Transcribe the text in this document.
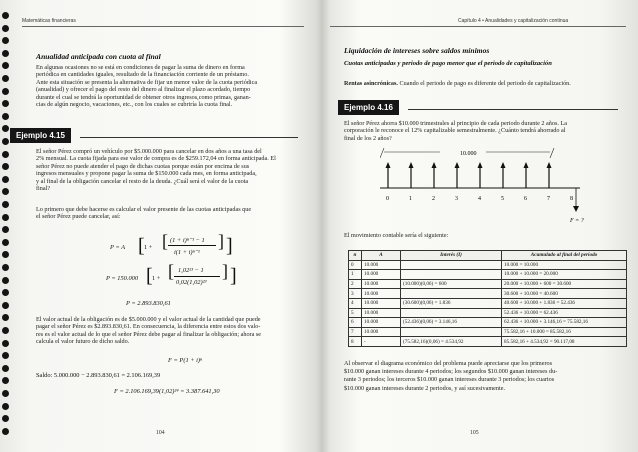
Matemáticas financieras
Anualidad anticipada con cuota al final
En algunas ocasiones no se está en condiciones de pagar la suma de dinero en forma
periódica en cantidades iguales, resultado de la financiación corriente de un préstamo.
Ante esta situación se presenta la alternativa de fijar un menor valor de la cuota periódica
(anualidad) y ofrecer el pago del resto del dinero al finalizar el plazo acordado, tiempo
durante el cual se tendrá la oportunidad de obtener otros ingresos,como primas, ganan-
cias de algún negocio, vacaciones, etc., con los cuales se cubriría la cuota final.
Ejemplo 4.15
El señor Pérez compró un vehículo por $5.000.000 para cancelar en dos años a una tasa del
2% mensual. La cuota fijada para ese valor de compra es de $259.172,04 en forma anticipada. El
señor Pérez no puede atender el pago de dichas cuotas porque están por encima de sus
ingresos mensuales y propone pagar la suma de $150.000 cada mes, en forma anticipada,
y al final de la obligación cancelar el resto de la deuda. ¿Cuál será el valor de la cuota
final?
Lo primero que debe hacerse es calcular el valor presente de las cuotas anticipadas que
el señor Pérez puede cancelar, así:
P = A [ 1 + [ (1 + i)ⁿ⁻¹ − 1
i(1 + i)ⁿ⁻¹
] ]
P = 150.000 [ 1 + [ 1,02²³ − 1
0,02(1,02)²³
] ]
P = 2.893.830,61
El valor actual de la obligación es de $5.000.000 y el valor actual de la cantidad que puede
pagar el señor Pérez es $2.893.830,61. En consecuencia, la diferencia entre estos dos valo-
res es el valor actual de lo que el señor Pérez debe pagar al finalizar la obligación; ahora se
calcula el valor futuro de dicho saldo.
F = P(1 + i)ⁿ
Saldo: 5.000.000 − 2.893.830,61 = 2.106.169,39
F = 2.106.169,39(1,02)²⁴ = 3.387.641,30
104
Capítulo 4 • Anualidades y capitalización continua
Liquidación de intereses sobre saldos mínimos
Cuotas anticipadas y periodo de pago menor que el periodo de capitalización
Rentas asincrónicas. Cuando el periodo de pago es diferente del periodo de capitalización.
Ejemplo 4.16
El señor Pérez ahorra $10.000 trimestrales al principio de cada periodo durante 2 años. La
corporación le reconoce el 12% capitalizable semestralmente. ¿Cuánto tendrá ahorrado al
final de los 2 años?
10.000
0	1	2	3	4	5	6	7	8
F = ?
El movimiento contable sería el siguiente:
n	A	Interés (I)	Acumulado al final del período
0	10.000		10.000 = 10.000
1	10.000		10.000 + 10.000 = 20.000
2	10.000	(10.000)(0,06) = 600	20.000 + 10.000 + 600 = 30.600
3	10.000		30.600 + 10.000 = 40.600
4	10.000	(30.600)(0,06) = 1.836	40.600 + 10.000 + 1.836 = 52.436
5	10.000		52.436 + 10.000 = 62.436
6	10.000	(52.436)(0,06) = 3.146,16	62.436 + 10.000 + 3.146,16 = 75.582,16
7	10.000		75.582,16 + 10.000 = 85.582,16
8	-	(75.582,16)(0,06) = 4.534,92	85.582,16 + 4.534,92 = 90.117,08
Al observar el diagrama económico del problema puede apreciarse que los primeros
$10.000 ganan intereses durante 4 periodos; los segundos $10.000 ganan intereses du-
rante 3 periodos; los terceros $10.000 ganan intereses durante 3 periodos; los cuartos
$10.000 ganan intereses durante 2 periodos, y así sucesivamente.
105
